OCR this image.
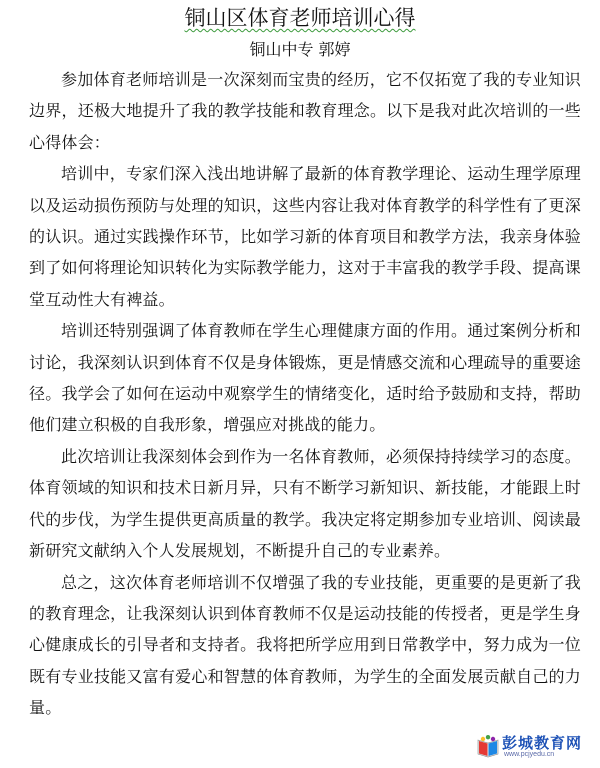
铜山区体育老师培训心得
铜山中专 郭婷

参加体育老师培训是一次深刻而宝贵的经历，它不仅拓宽了我的专业知识边界，还极大地提升了我的教学技能和教育理念。以下是我对此次培训的一些心得体会：

培训中，专家们深入浅出地讲解了最新的体育教学理论、运动生理学原理以及运动损伤预防与处理的知识，这些内容让我对体育教学的科学性有了更深的认识。通过实践操作环节，比如学习新的体育项目和教学方法，我亲身体验到了如何将理论知识转化为实际教学能力，这对于丰富我的教学手段、提高课堂互动性大有裨益。

培训还特别强调了体育教师在学生心理健康方面的作用。通过案例分析和讨论，我深刻认识到体育不仅是身体锻炼，更是情感交流和心理疏导的重要途径。我学会了如何在运动中观察学生的情绪变化，适时给予鼓励和支持，帮助他们建立积极的自我形象，增强应对挑战的能力。

此次培训让我深刻体会到作为一名体育教师，必须保持持续学习的态度。体育领域的知识和技术日新月异，只有不断学习新知识、新技能，才能跟上时代的步伐，为学生提供更高质量的教学。我决定将定期参加专业培训、阅读最新研究文献纳入个人发展规划，不断提升自己的专业素养。

总之，这次体育老师培训不仅增强了我的专业技能，更重要的是更新了我的教育理念，让我深刻认识到体育教师不仅是运动技能的传授者，更是学生身心健康成长的引导者和支持者。我将把所学应用到日常教学中，努力成为一位既有专业技能又富有爱心和智慧的体育教师，为学生的全面发展贡献自己的力量。

彭城教育网
www.pcjyedu.cn
